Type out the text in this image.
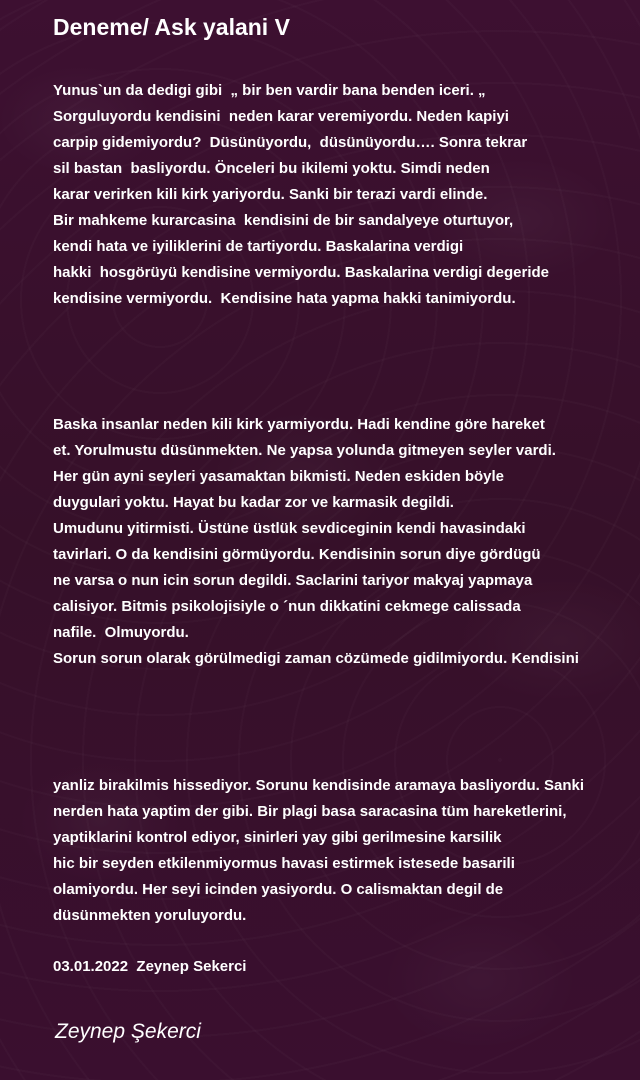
Deneme/ Ask yalani V
Yunus`un da dedigi gibi  „ bir ben vardir bana benden iceri. „
Sorguluyordu kendisini  neden karar veremiyordu. Neden kapiyi
carpip gidemiyordu?  Düsünüyordu,  düsünüyordu…. Sonra tekrar
sil bastan  basliyordu. Önceleri bu ikilemi yoktu. Simdi neden
karar verirken kili kirk yariyordu. Sanki bir terazi vardi elinde.
Bir mahkeme kurarcasina  kendisini de bir sandalyeye oturtuyor,
kendi hata ve iyiliklerini de tartiyordu. Baskalarina verdigi
hakki  hosgörüyü kendisine vermiyordu. Baskalarina verdigi degeride
kendisine vermiyordu.  Kendisine hata yapma hakki tanimiyordu.
Baska insanlar neden kili kirk yarmiyordu. Hadi kendine göre hareket
et. Yorulmustu düsünmekten. Ne yapsa yolunda gitmeyen seyler vardi.
Her gün ayni seyleri yasamaktan bikmisti. Neden eskiden böyle
duygulari yoktu. Hayat bu kadar zor ve karmasik degildi.
Umudunu yitirmisti. Üstüne üstlük sevdiceginin kendi havasindaki
tavirlari. O da kendisini görmüyordu. Kendisinin sorun diye gördügü
ne varsa o nun icin sorun degildi. Saclarini tariyor makyaj yapmaya
calisiyor. Bitmis psikolojisiyle o ´nun dikkatini cekmege calissada
nafile.  Olmuyordu.
Sorun sorun olarak görülmedigi zaman cözümede gidilmiyordu. Kendisini
yanliz birakilmis hissediyor. Sorunu kendisinde aramaya basliyordu. Sanki
nerden hata yaptim der gibi. Bir plagi basa saracasina tüm hareketlerini,
yaptiklarini kontrol ediyor, sinirleri yay gibi gerilmesine karsilik
hic bir seyden etkilenmiyormus havasi estirmek istesede basarili
olamiyordu. Her seyi icinden yasiyordu. O calismaktan degil de
düsünmekten yoruluyordu.
03.01.2022  Zeynep Sekerci
Zeynep Şekerci
